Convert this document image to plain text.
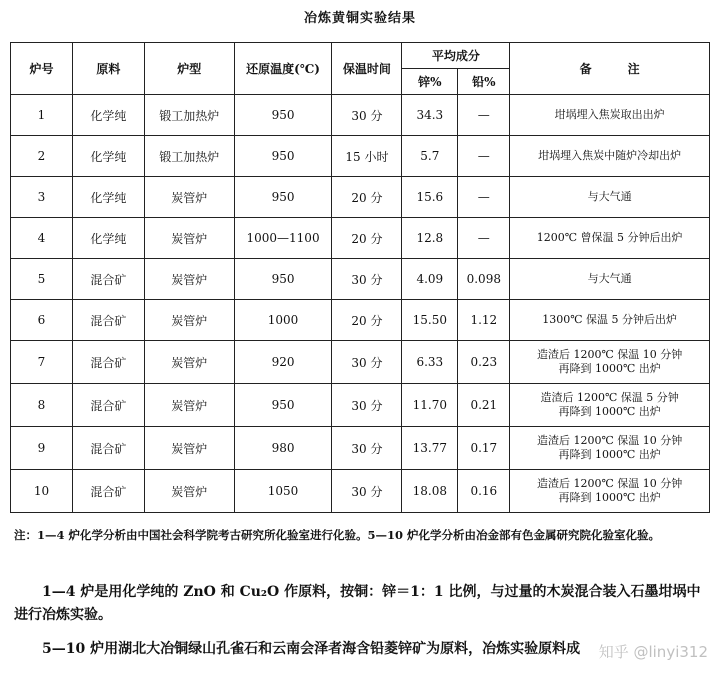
冶炼黄铜实验结果
炉号	原料	炉型	还原温度(℃)	保温时间	平均成分		备　　　注
					锌%	铅%	
1	化学纯	锻工加热炉	950	30 分	34.3	—	坩埚埋入焦炭取出出炉
2	化学纯	锻工加热炉	950	15 小时	5.7	—	坩埚埋入焦炭中随炉冷却出炉
3	化学纯	炭管炉	950	20 分	15.6	—	与大气通
4	化学纯	炭管炉	1000—1100	20 分	12.8	—	1200℃ 曾保温 5 分钟后出炉
5	混合矿	炭管炉	950	30 分	4.09	0.098	与大气通
6	混合矿	炭管炉	1000	20 分	15.50	1.12	1300℃ 保温 5 分钟后出炉
7	混合矿	炭管炉	920	30 分	6.33	0.23	造渣后 1200℃ 保温 10 分钟
再降到 1000℃ 出炉
8	混合矿	炭管炉	950	30 分	11.70	0.21	造渣后 1200℃ 保温 5 分钟
再降到 1000℃ 出炉
9	混合矿	炭管炉	980	30 分	13.77	0.17	造渣后 1200℃ 保温 10 分钟
再降到 1000℃ 出炉
10	混合矿	炭管炉	1050	30 分	18.08	0.16	造渣后 1200℃ 保温 10 分钟
再降到 1000℃ 出炉
注：1—4 炉化学分析由中国社会科学院考古研究所化验室进行化验。5—10 炉化学分析由冶金部有色金属研究院化验室化验。
1—4 炉是用化学纯的 ZnO 和 Cu₂O 作原料，按铜：锌＝1：1 比例，与过量的木炭混合装入石墨坩埚中进行冶炼实验。
5—10 炉用湖北大冶铜绿山孔雀石和云南会泽者海含铅菱锌矿为原料，冶炼实验原料成	知乎 @linyi312
